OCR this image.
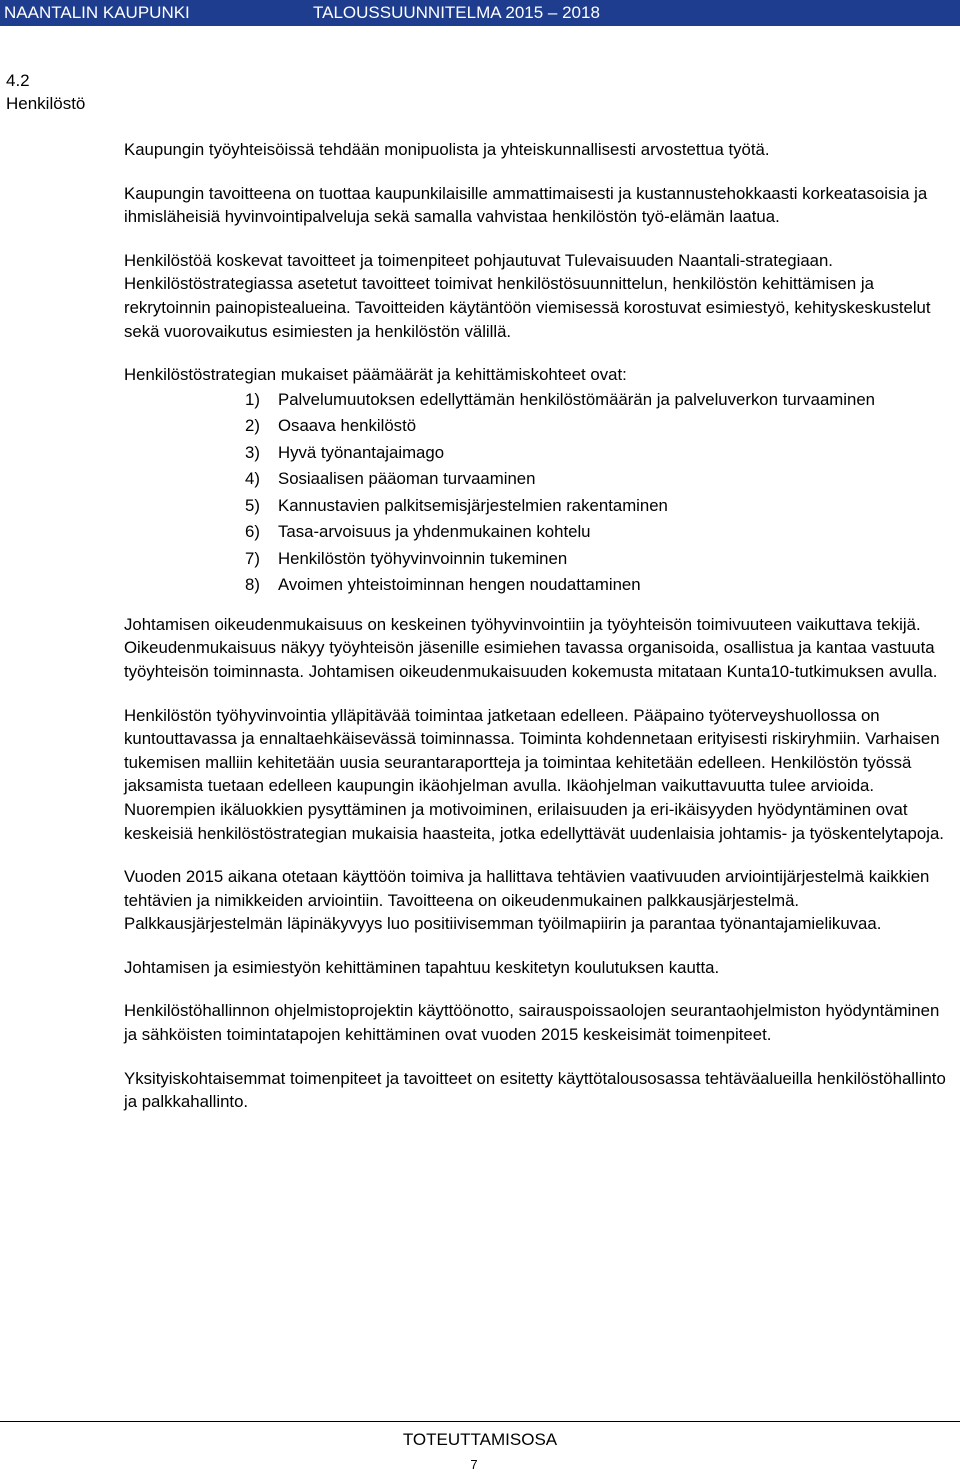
NAANTALIN KAUPUNKI	TALOUSSUUNNITELMA 2015 – 2018
4.2
Henkilöstö

Kaupungin työyhteisöissä tehdään monipuolista ja yhteiskunnallisesti arvostettua työtä.

Kaupungin tavoitteena on tuottaa kaupunkilaisille ammattimaisesti ja kustannustehokkaasti korkeatasoisia ja ihmisläheisiä hyvinvointipalveluja sekä samalla vahvistaa henkilöstön työ-elämän laatua.

Henkilöstöä koskevat tavoitteet ja toimenpiteet pohjautuvat Tulevaisuuden Naantali-strategiaan. Henkilöstöstrategiassa asetetut tavoitteet toimivat henkilöstösuunnittelun, henkilöstön kehittämisen ja rekrytoinnin painopistealueina. Tavoitteiden käytäntöön viemisessä korostuvat esimiestyö, kehityskeskustelut sekä vuorovaikutus esimiesten ja henkilöstön välillä.

Henkilöstöstrategian mukaiset päämäärät ja kehittämiskohteet ovat:

1) Palvelumuutoksen edellyttämän henkilöstömäärän ja palveluverkon turvaaminen
2) Osaava henkilöstö
3) Hyvä työnantajaimago
4) Sosiaalisen pääoman turvaaminen
5) Kannustavien palkitsemisjärjestelmien rakentaminen
6) Tasa-arvoisuus ja yhdenmukainen kohtelu
7) Henkilöstön työhyvinvoinnin tukeminen
8) Avoimen yhteistoiminnan hengen noudattaminen

Johtamisen oikeudenmukaisuus on keskeinen työhyvinvointiin ja työyhteisön toimivuuteen vaikuttava tekijä. Oikeudenmukaisuus näkyy työyhteisön jäsenille esimiehen tavassa organisoida, osallistua ja kantaa vastuuta työyhteisön toiminnasta. Johtamisen oikeudenmukaisuuden kokemusta mitataan Kunta10-tutkimuksen avulla.

Henkilöstön työhyvinvointia ylläpitävää toimintaa jatketaan edelleen. Pääpaino työterveyshuollossa on kuntouttavassa ja ennaltaehkäisevässä toiminnassa. Toiminta kohdennetaan erityisesti riskiryhmiin. Varhaisen tukemisen malliin kehitetään uusia seurantaraportteja ja toimintaa kehitetään edelleen. Henkilöstön työssä jaksamista tuetaan edelleen kaupungin ikäohjelman avulla. Ikäohjelman vaikuttavuutta tulee arvioida. Nuorempien ikäluokkien pysyttäminen ja motivoiminen, erilaisuuden ja eri-ikäisyyden hyödyntäminen ovat keskeisiä henkilöstöstrategian mukaisia haasteita, jotka edellyttävät uudenlaisia johtamis- ja työskentelytapoja.

Vuoden 2015 aikana otetaan käyttöön toimiva ja hallittava tehtävien vaativuuden arviointijärjestelmä kaikkien tehtävien ja nimikkeiden arviointiin. Tavoitteena on oikeudenmukainen palkkausjärjestelmä. Palkkausjärjestelmän läpinäkyvyys luo positiivisemman työilmapiirin ja parantaa työnantajamielikuvaa.

Johtamisen ja esimiestyön kehittäminen tapahtuu keskitetyn koulutuksen kautta.

Henkilöstöhallinnon ohjelmistoprojektin käyttöönotto, sairauspoissaolojen seurantaohjelmiston hyödyntäminen ja sähköisten toimintatapojen kehittäminen ovat vuoden 2015 keskeisimät toimenpiteet.

Yksityiskohtaisemmat toimenpiteet ja tavoitteet on esitetty käyttötalousosassa tehtäväalueilla henkilöstöhallinto ja palkkahallinto.

TOTEUTTAMISOSA
7
